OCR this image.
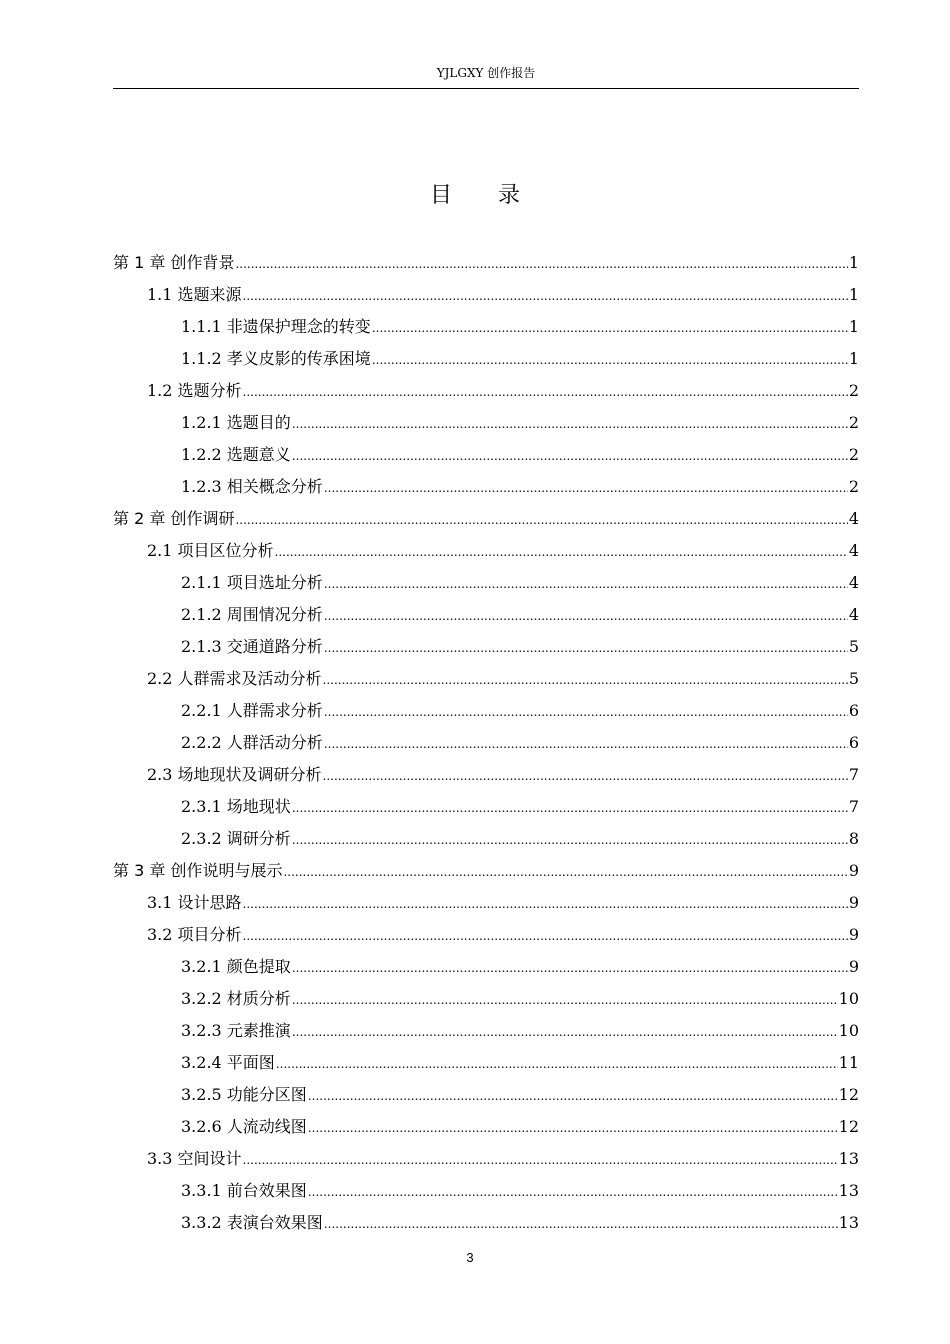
YJLGXY 创作报告
目 录
第 1 章 创作背景 .....	1
1.1 选题来源 .....	1
1.1.1 非遗保护理念的转变 .....	1
1.1.2 孝义皮影的传承困境 .....	1
1.2 选题分析 .....	2
1.2.1 选题目的 .....	2
1.2.2 选题意义 .....	2
1.2.3 相关概念分析 .....	2
第 2 章 创作调研 .....	4
2.1 项目区位分析 .....	4
2.1.1 项目选址分析 .....	4
2.1.2 周围情况分析 .....	4
2.1.3 交通道路分析 .....	5
2.2 人群需求及活动分析 .....	5
2.2.1 人群需求分析 .....	6
2.2.2 人群活动分析 .....	6
2.3 场地现状及调研分析 .....	7
2.3.1 场地现状 .....	7
2.3.2 调研分析 .....	8
第 3 章 创作说明与展示 .....	9
3.1 设计思路 .....	9
3.2 项目分析 .....	9
3.2.1 颜色提取 .....	9
3.2.2 材质分析 .....	10
3.2.3 元素推演 .....	10
3.2.4 平面图 .....	11
3.2.5 功能分区图 .....	12
3.2.6 人流动线图 .....	12
3.3 空间设计 .....	13
3.3.1 前台效果图 .....	13
3.3.2 表演台效果图 .....	13
3
